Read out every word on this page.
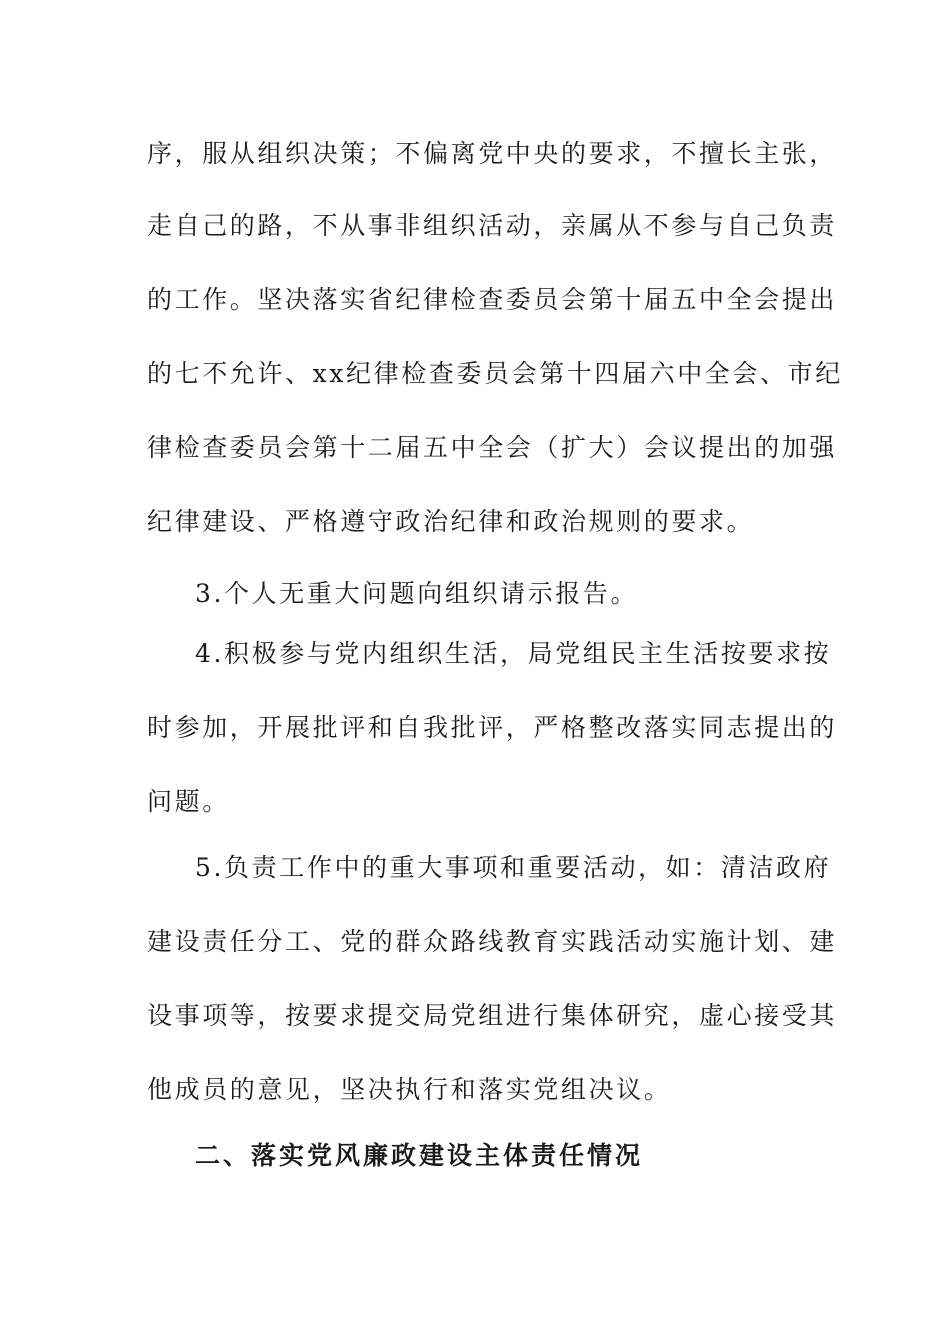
序，服从组织决策；不偏离党中央的要求，不擅长主张，
走自己的路，不从事非组织活动，亲属从不参与自己负责
的工作。坚决落实省纪律检查委员会第十届五中全会提出
的七不允许、xx纪律检查委员会第十四届六中全会、市纪
律检查委员会第十二届五中全会（扩大）会议提出的加强
纪律建设、严格遵守政治纪律和政治规则的要求。
3.个人无重大问题向组织请示报告。
4.积极参与党内组织生活，局党组民主生活按要求按
时参加，开展批评和自我批评，严格整改落实同志提出的
问题。
5.负责工作中的重大事项和重要活动，如：清洁政府
建设责任分工、党的群众路线教育实践活动实施计划、建
设事项等，按要求提交局党组进行集体研究，虚心接受其
他成员的意见，坚决执行和落实党组决议。
二、落实党风廉政建设主体责任情况
